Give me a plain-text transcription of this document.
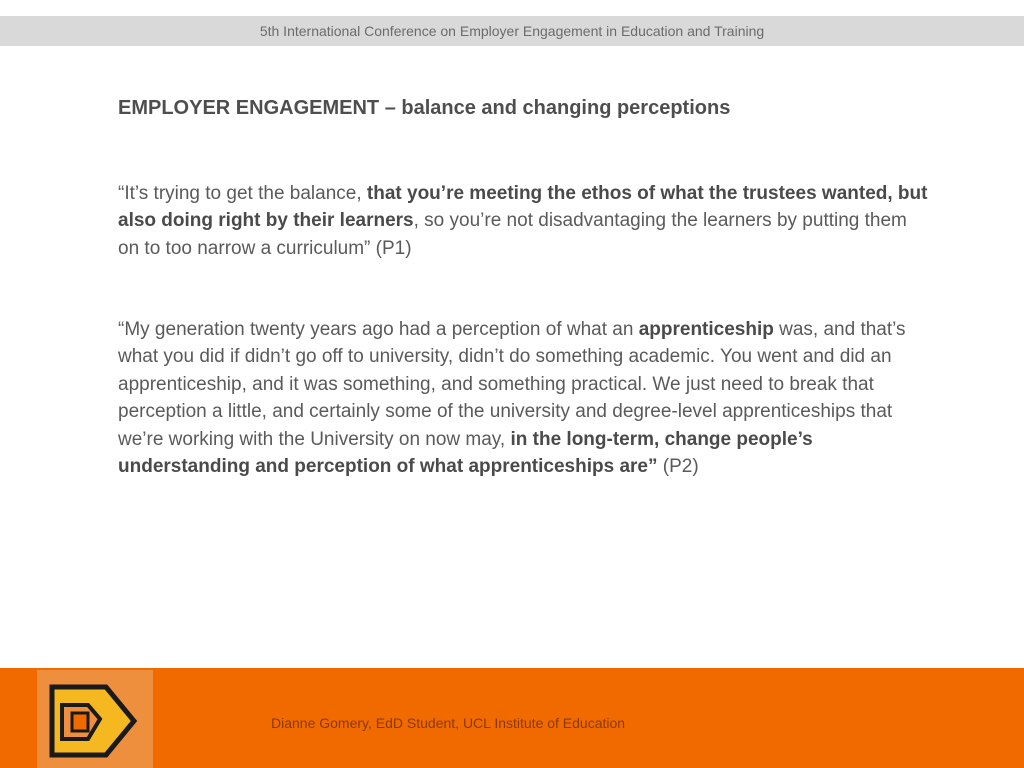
5th International Conference on Employer Engagement in Education and Training
EMPLOYER ENGAGEMENT – balance and changing perceptions

“It’s trying to get the balance, that you’re meeting the ethos of what the trustees wanted, but also doing right by their learners, so you’re not disadvantaging the learners by putting them on to too narrow a curriculum” (P1)

“My generation twenty years ago had a perception of what an apprenticeship was, and that’s what you did if didn’t go off to university, didn’t do something academic. You went and did an apprenticeship, and it was something, and something practical. We just need to break that perception a little, and certainly some of the university and degree-level apprenticeships that we’re working with the University on now may, in the long-term, change people’s understanding and perception of what apprenticeships are” (P2)

Dianne Gomery, EdD Student, UCL Institute of Education
